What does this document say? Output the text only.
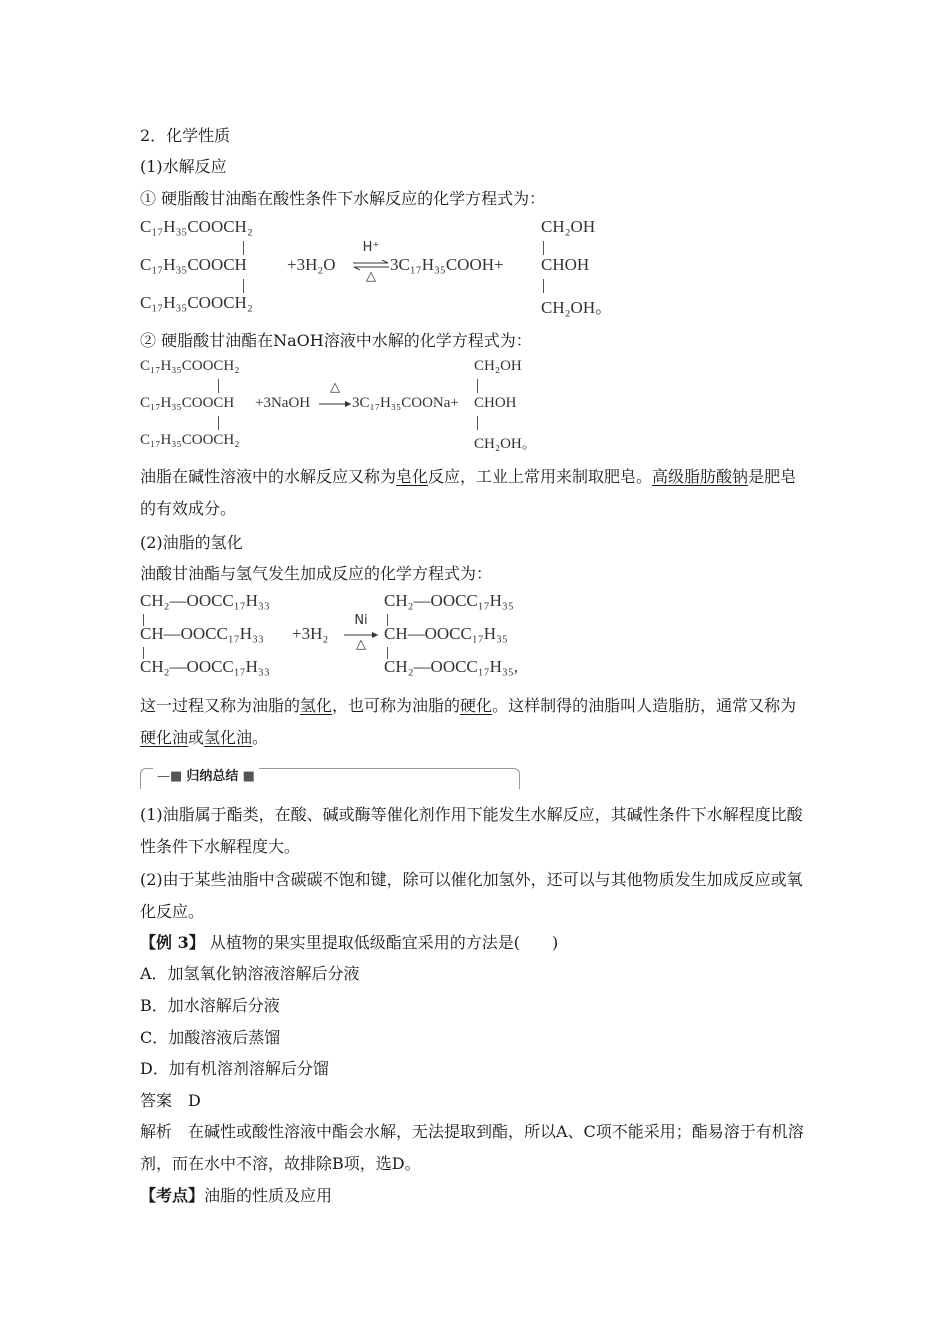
2．化学性质
(1)水解反应
① 硬脂酸甘油酯在酸性条件下水解反应的化学方程式为：
C₁₇H₃₅COOCH₂
C₁₇H₃₅COOCH
C₁₇H₃₅COOCH₂
+3H₂O
H⁺
△
3C₁₇H₃₅COOH+
CH₂OH
CHOH
CH₂OH。
② 硬脂酸甘油酯在NaOH溶液中水解的化学方程式为：
C₁₇H₃₅COOCH₂
C₁₇H₃₅COOCH
C₁₇H₃₅COOCH₂
+3NaOH
△
3C₁₇H₃₅COONa+
CH₂OH
CHOH
CH₂OH。
油脂在碱性溶液中的水解反应又称为皂化反应，工业上常用来制取肥皂。高级脂肪酸钠是肥皂的有效成分。
(2)油脂的氢化
油酸甘油酯与氢气发生加成反应的化学方程式为：
CH₂—OOCC₁₇H₃₃
CH—OOCC₁₇H₃₃
CH₂—OOCC₁₇H₃₃
+3H₂
Ni
△
CH₂—OOCC₁₇H₃₅
CH—OOCC₁₇H₃₅
CH₂—OOCC₁₇H₃₅,
这一过程又称为油脂的氢化，也可称为油脂的硬化。这样制得的油脂叫人造脂肪，通常又称为硬化油或氢化油。
—■ 归纳总结 ■
(1)油脂属于酯类，在酸、碱或酶等催化剂作用下能发生水解反应，其碱性条件下水解程度比酸性条件下水解程度大。
(2)由于某些油脂中含碳碳不饱和键，除可以催化加氢外，还可以与其他物质发生加成反应或氧化反应。
【例 3】 从植物的果实里提取低级酯宜采用的方法是(　　)
A．加氢氧化钠溶液溶解后分液
B．加水溶解后分液
C．加酸溶液后蒸馏
D．加有机溶剂溶解后分馏
答案　D
解析　在碱性或酸性溶液中酯会水解，无法提取到酯，所以A、C项不能采用；酯易溶于有机溶剂，而在水中不溶，故排除B项，选D。
【考点】油脂的性质及应用
